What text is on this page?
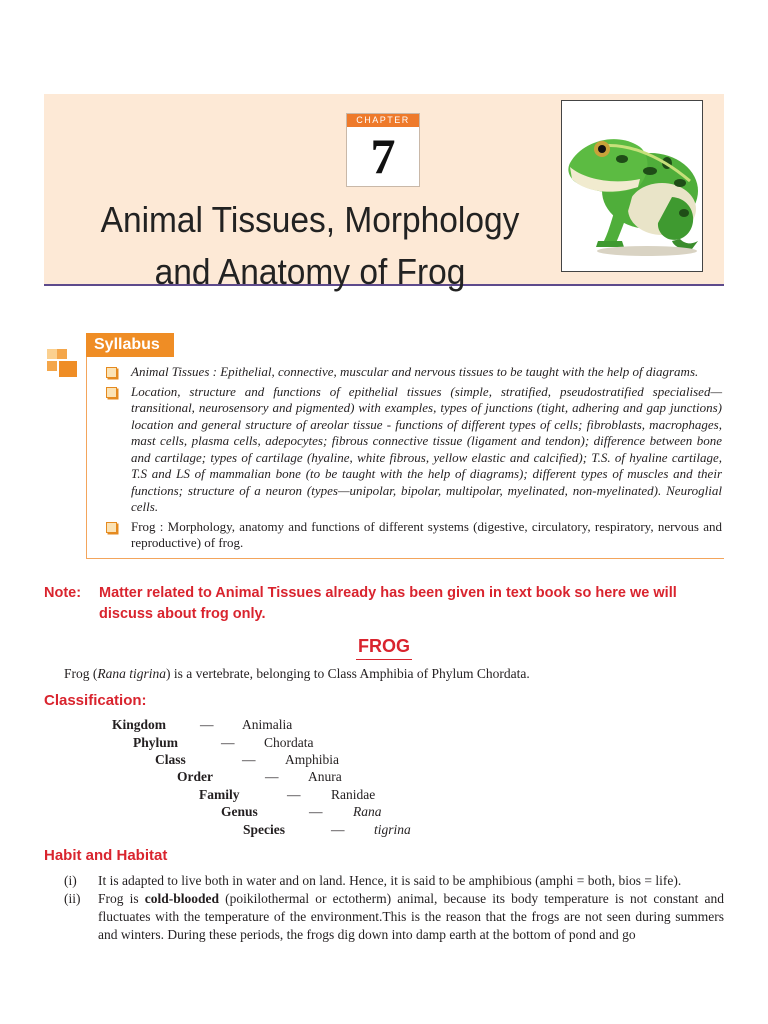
CHAPTER
7
Animal Tissues, Morphology
and Anatomy of Frog
Syllabus
Animal Tissues : Epithelial, connective, muscular and nervous tissues to be taught with the help of diagrams.
Location, structure and functions of epithelial tissues (simple, stratified, pseudostratified specialised—transitional, neurosensory and pigmented) with examples, types of junctions (tight, adhering and gap junctions) location and general structure of areolar tissue - functions of different types of cells; fibroblasts, macrophages, mast cells, plasma cells, adepocytes; fibrous connective tissue (ligament and tendon); difference between bone and cartilage; types of cartilage (hyaline, white fibrous, yellow elastic and calcified); T.S. of hyaline cartilage, T.S and LS of mammalian bone (to be taught with the help of diagrams); different types of muscles and their functions; structure of a neuron (types—unipolar, bipolar, multipolar, myelinated, non-myelinated). Neuroglial cells.
Frog : Morphology, anatomy and functions of different systems (digestive, circulatory, respiratory, nervous and reproductive) of frog.
Note: Matter related to Animal Tissues already has been given in text book so here we will discuss about frog only.
FROG
Frog (Rana tigrina) is a vertebrate, belonging to Class Amphibia of Phylum Chordata.
Classification:
Kingdom	— Animalia
Phylum	— Chordata
Class	— Amphibia
Order	— Anura
Family	— Ranidae
Genus	— Rana
Species	— tigrina
Habit and Habitat
(i) It is adapted to live both in water and on land. Hence, it is said to be amphibious (amphi = both, bios = life).
(ii) Frog is cold-blooded (poikilothermal or ectotherm) animal, because its body temperature is not constant and fluctuates with the temperature of the environment.This is the reason that the frogs are not seen during summers and winters. During these periods, the frogs dig down into damp earth at the bottom of pond and go
